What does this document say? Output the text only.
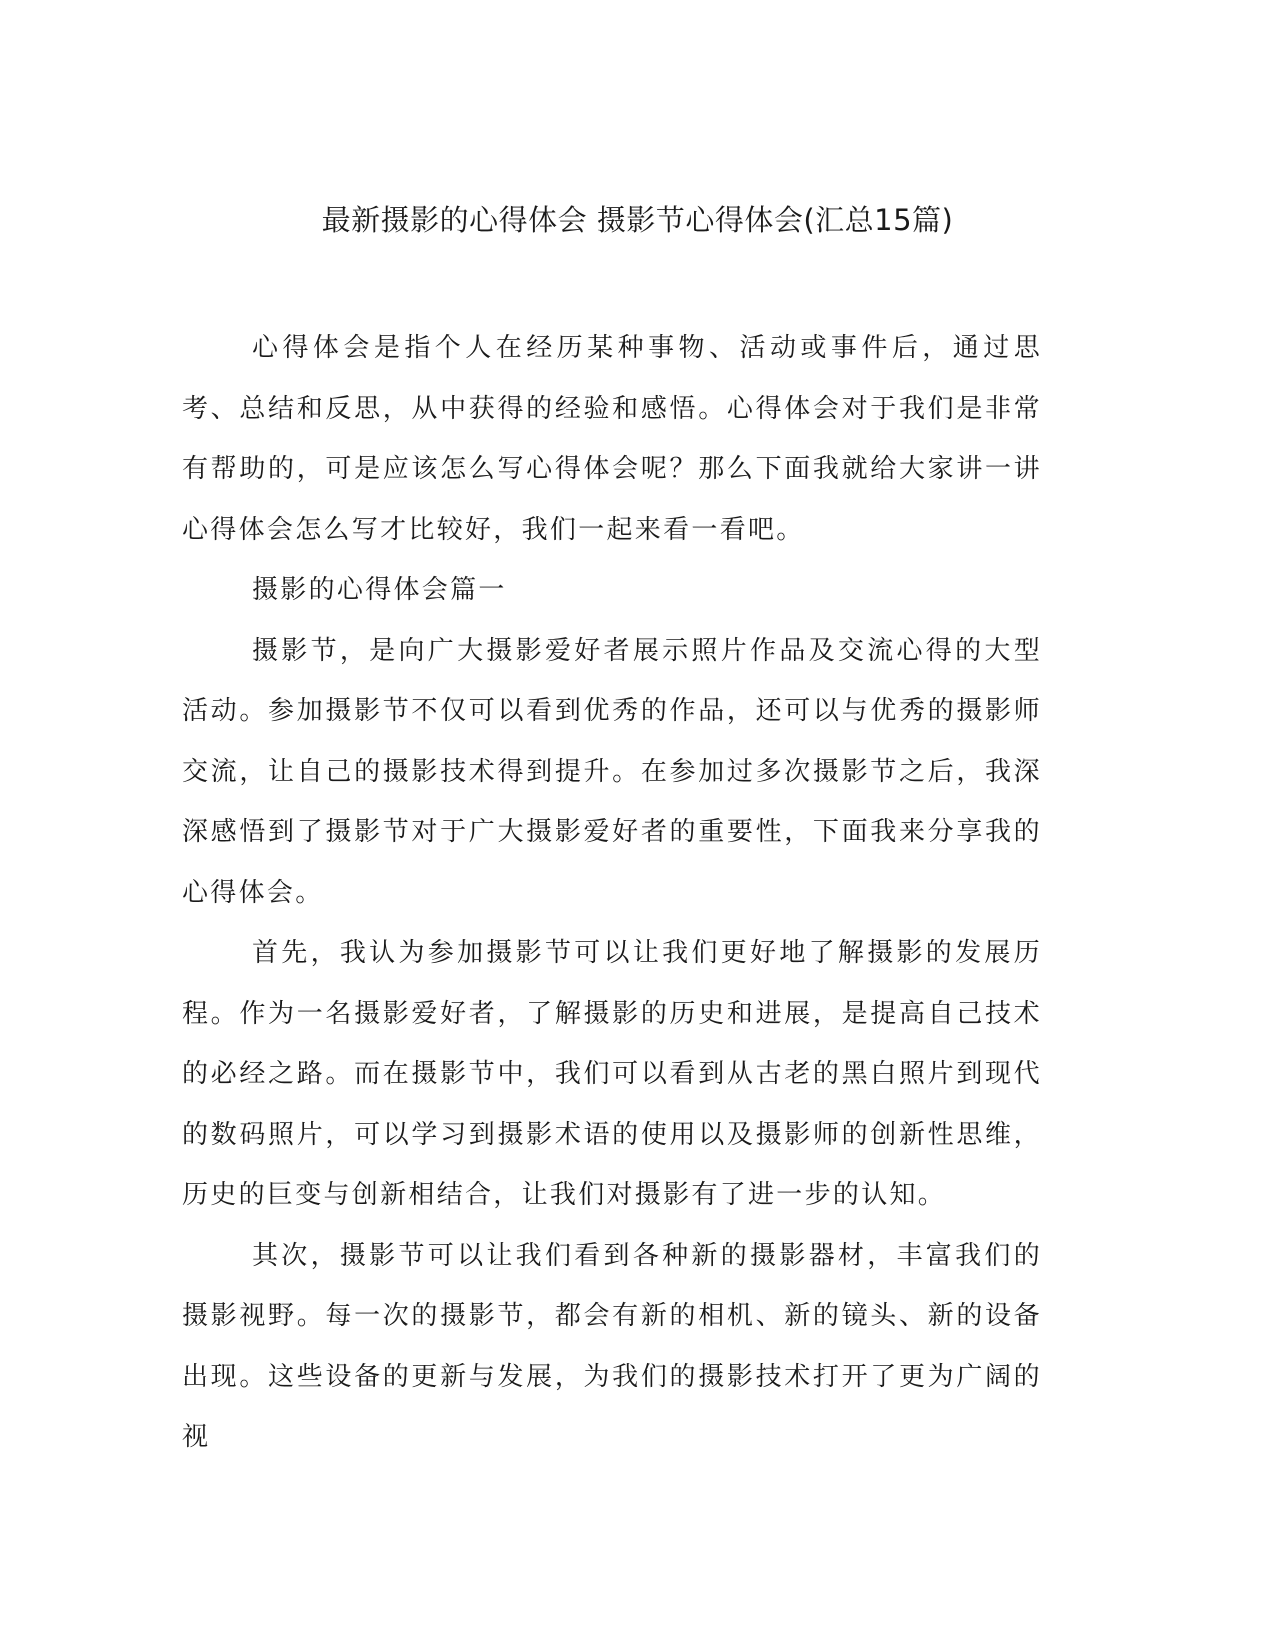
最新摄影的心得体会 摄影节心得体会(汇总15篇)

心得体会是指个人在经历某种事物、活动或事件后，通过思考、总结和反思，从中获得的经验和感悟。心得体会对于我们是非常有帮助的，可是应该怎么写心得体会呢？那么下面我就给大家讲一讲心得体会怎么写才比较好，我们一起来看一看吧。

摄影的心得体会篇一

摄影节，是向广大摄影爱好者展示照片作品及交流心得的大型活动。参加摄影节不仅可以看到优秀的作品，还可以与优秀的摄影师交流，让自己的摄影技术得到提升。在参加过多次摄影节之后，我深深感悟到了摄影节对于广大摄影爱好者的重要性，下面我来分享我的心得体会。

首先，我认为参加摄影节可以让我们更好地了解摄影的发展历程。作为一名摄影爱好者，了解摄影的历史和进展，是提高自己技术的必经之路。而在摄影节中，我们可以看到从古老的黑白照片到现代的数码照片，可以学习到摄影术语的使用以及摄影师的创新性思维，历史的巨变与创新相结合，让我们对摄影有了进一步的认知。

其次，摄影节可以让我们看到各种新的摄影器材，丰富我们的摄影视野。每一次的摄影节，都会有新的相机、新的镜头、新的设备出现。这些设备的更新与发展，为我们的摄影技术打开了更为广阔的视
